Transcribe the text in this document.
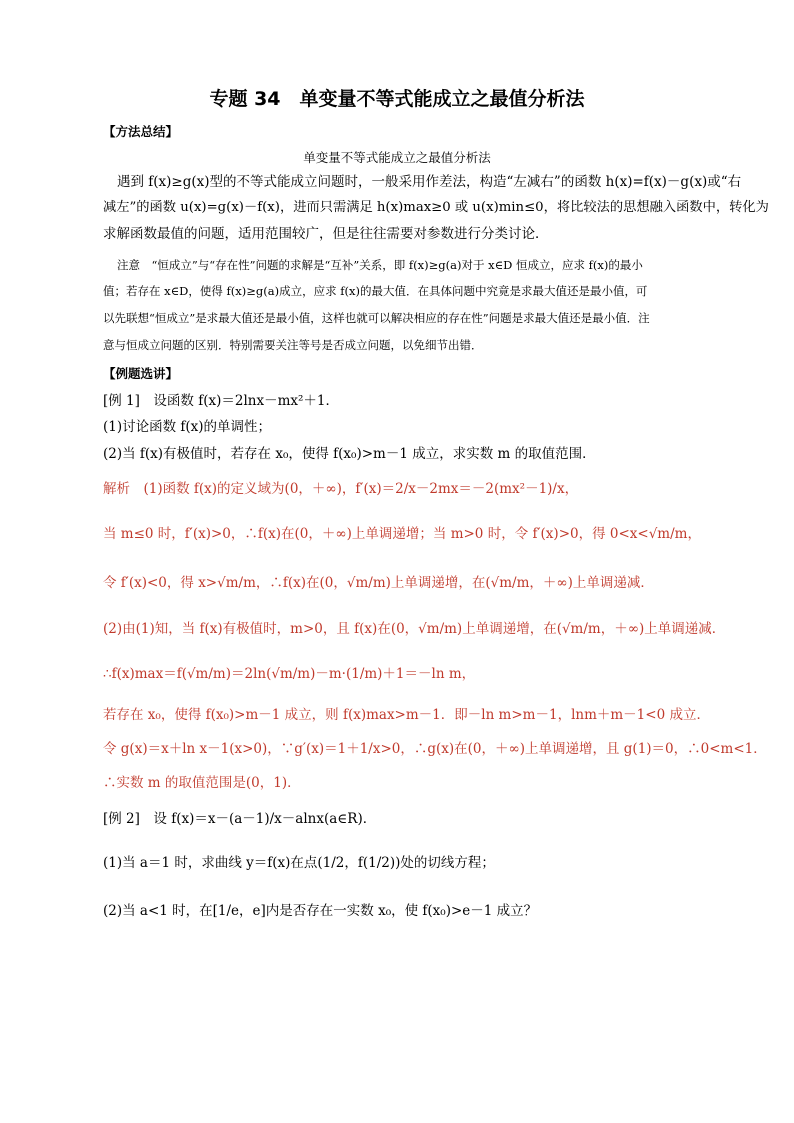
专题 34　单变量不等式能成立之最值分析法
【方法总结】
单变量不等式能成立之最值分析法
遇到 f(x)≥g(x)型的不等式能成立问题时，一般采用作差法，构造“左减右”的函数 h(x)=f(x)－g(x)或“右
减左”的函数 u(x)=g(x)－f(x)，进而只需满足 h(x)max≥0 或 u(x)min≤0，将比较法的思想融入函数中，转化为
求解函数最值的问题，适用范围较广，但是往往需要对参数进行分类讨论．
注意　“恒成立”与“存在性”问题的求解是“互补”关系，即 f(x)≥g(a)对于 x∈D 恒成立，应求 f(x)的最小
值；若存在 x∈D，使得 f(x)≥g(a)成立，应求 f(x)的最大值．在具体问题中究竟是求最大值还是最小值，可
以先联想“恒成立”是求最大值还是最小值，这样也就可以解决相应的存在性”问题是求最大值还是最小值．注
意与恒成立问题的区别．特别需要关注等号是否成立问题，以免细节出错．
【例题选讲】
[例 1]　设函数 f(x)＝2lnx－mx²＋1．
(1)讨论函数 f(x)的单调性；
(2)当 f(x)有极值时，若存在 x₀，使得 f(x₀)>m－1 成立，求实数 m 的取值范围．
解析　(1)函数 f(x)的定义域为(0，＋∞)，f′(x)＝2/x－2mx＝－2(mx²－1)/x，
当 m≤0 时，f′(x)>0，∴f(x)在(0，＋∞)上单调递增；当 m>0 时，令 f′(x)>0，得 0<x<√m/m，
令 f′(x)<0，得 x>√m/m，∴f(x)在(0，√m/m)上单调递增，在(√m/m，＋∞)上单调递减．
(2)由(1)知，当 f(x)有极值时，m>0，且 f(x)在(0，√m/m)上单调递增，在(√m/m，＋∞)上单调递减．
∴f(x)max＝f(√m/m)＝2ln(√m/m)－m·(1/m)＋1＝－ln m，
若存在 x₀，使得 f(x₀)>m－1 成立，则 f(x)max>m－1．即－ln m>m－1，lnm＋m－1<0 成立．
令 g(x)＝x＋ln x－1(x>0)，∵g′(x)＝1＋1/x>0，∴g(x)在(0，＋∞)上单调递增，且 g(1)＝0，∴0<m<1．
∴实数 m 的取值范围是(0，1)．
[例 2]　设 f(x)＝x－(a－1)/x－alnx(a∈R)．
(1)当 a＝1 时，求曲线 y＝f(x)在点(1/2，f(1/2))处的切线方程；
(2)当 a<1 时，在[1/e，e]内是否存在一实数 x₀，使 f(x₀)>e－1 成立？
